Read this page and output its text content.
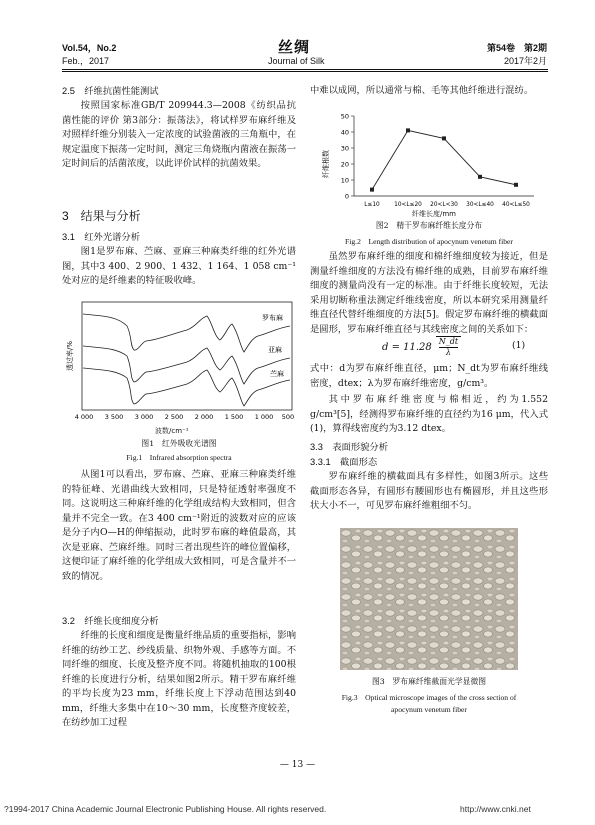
Vol.54，No.2
Feb.，2017
丝绸
Journal of Silk
第54卷　第2期
2017年2月
2.5　纤维抗菌性能测试
按照国家标准GB/T 209944.3—2008《纺织品抗菌性能的评价 第3部分：振荡法》，将试样罗布麻纤维及对照样纤维分别装入一定浓度的试验菌液的三角瓶中，在规定温度下振荡一定时间，测定三角烧瓶内菌液在振荡一定时间后的活菌浓度，以此评价试样的抗菌效果。
3　结果与分析
3.1　红外光谱分析
图1是罗布麻、苎麻、亚麻三种麻类纤维的红外光谱图，其中3 400、2 900、1 432、1 164、1 058 cm⁻¹处对应的是纤维素的特征吸收峰。
透过率/%
罗布麻
亚麻
苎麻
4 000 3 500 3 000 2 500 2 000 1 500 1 000 500
波数/cm⁻¹
图1　红外吸收光谱图
Fig.1　Infrared absorption spectra
从图1可以看出，罗布麻、苎麻、亚麻三种麻类纤维的特征峰、光谱曲线大致相同，只是特征透射率强度不同。这说明这三种麻纤维的化学组成结构大致相同，但含量并不完全一致。在3 400 cm⁻¹附近的波数对应的应该是分子内O—H的伸缩振动，此时罗布麻的峰值最高，其次是亚麻、苎麻纤维。同时三者出现些许的峰位置偏移，这便印证了麻纤维的化学组成大致相同，可是含量并不一致的情况。
3.2　纤维长度细度分析
纤维的长度和细度是衡量纤维品质的重要指标，影响纤维的纺纱工艺、纱线质量、织物外观、手感等方面。不同纤维的细度、长度及整齐度不同。将随机抽取的100根纤维的长度进行分析，结果如图2所示。精干罗布麻纤维的平均长度为23 mm，纤维长度上下浮动范围达到40 mm，纤维大多集中在10～30 mm，长度整齐度较差，在纺纱加工过程
中难以成网，所以通常与棉、毛等其他纤维进行混纺。
纤维根数
0
10
20
30
40
50
L≤10 10<L≤20 20<L<30 30<L≤40 40<L≤50
纤维长度/mm
图2　精干罗布麻纤维长度分布
Fig.2　Length distribution of apocynum venetum fiber
虽然罗布麻纤维的细度和棉纤维细度较为接近，但是测量纤维细度的方法没有棉纤维的成熟，目前罗布麻纤维细度的测量尚没有一定的标准。由于纤维长度较短，无法采用切断称重法测定纤维线密度，所以本研究采用测量纤维直径代替纤维细度的方法[5]。假定罗布麻纤维的横截面是圆形，罗布麻纤维直径与其线密度之间的关系如下：
$d = 11.28 \frac{N\_dt}{\lambda}$	(1)
式中：d为罗布麻纤维直径，μm；N_dt为罗布麻纤维线密度，dtex；λ为罗布麻纤维密度，g/cm³。
其中罗布麻纤维密度与棉相近，约为1.552 g/cm³[5]，经测得罗布麻纤维的直径约为16 μm，代入式(1)，算得线密度约为3.12 dtex。
3.3　表面形貌分析
3.3.1　截面形态
罗布麻纤维的横截面具有多样性，如图3所示。这些截面形态各异，有圆形有腰圆形也有椭圆形，并且这些形状大小不一，可见罗布麻纤维粗细不匀。
图3　罗布麻纤维截面光学显微图
Fig.3　Optical microscope images of the cross section of
apocynum venetum fiber
— 13 —
?1994-2017 China Academic Journal Electronic Publishing House. All rights reserved.	http://www.cnki.net
